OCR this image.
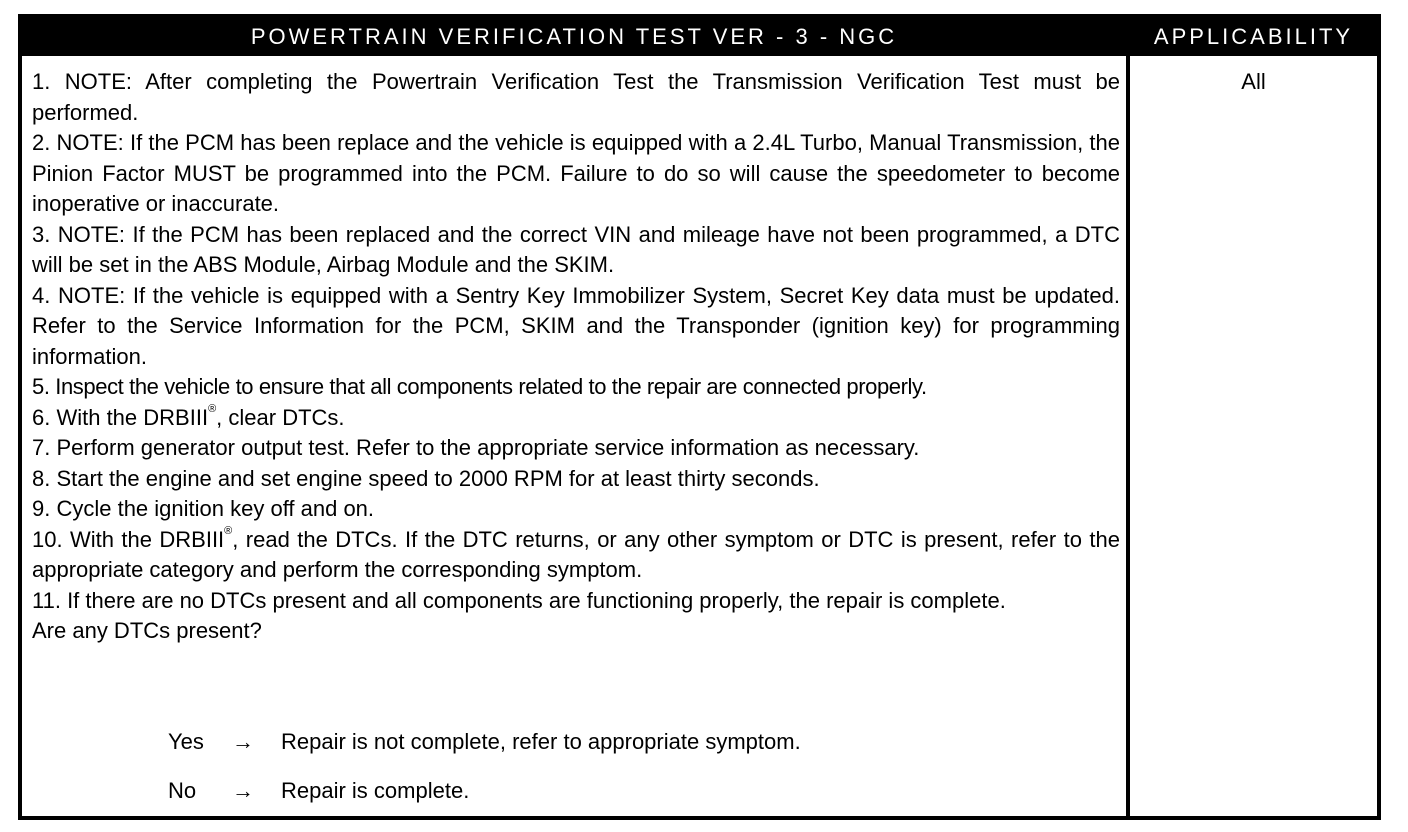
POWERTRAIN VERIFICATION TEST VER - 3 - NGC	APPLICABILITY

1. NOTE: After completing the Powertrain Verification Test the Transmission Verification Test must be performed.

2. NOTE: If the PCM has been replace and the vehicle is equipped with a 2.4L Turbo, Manual Transmission, the Pinion Factor MUST be programmed into the PCM. Failure to do so will cause the speedometer to become inoperative or inaccurate.

3. NOTE: If the PCM has been replaced and the correct VIN and mileage have not been programmed, a DTC will be set in the ABS Module, Airbag Module and the SKIM.

4. NOTE: If the vehicle is equipped with a Sentry Key Immobilizer System, Secret Key data must be updated. Refer to the Service Information for the PCM, SKIM and the Transponder (ignition key) for programming information.

5. Inspect the vehicle to ensure that all components related to the repair are connected properly.

6. With the DRBIII®, clear DTCs.

7. Perform generator output test. Refer to the appropriate service information as necessary.

8. Start the engine and set engine speed to 2000 RPM for at least thirty seconds.

9. Cycle the ignition key off and on.

10. With the DRBIII®, read the DTCs. If the DTC returns, or any other symptom or DTC is present, refer to the appropriate category and perform the corresponding symptom.

11. If there are no DTCs present and all components are functioning properly, the repair is complete.

Are any DTCs present?

Yes → Repair is not complete, refer to appropriate symptom.
No → Repair is complete.
All
